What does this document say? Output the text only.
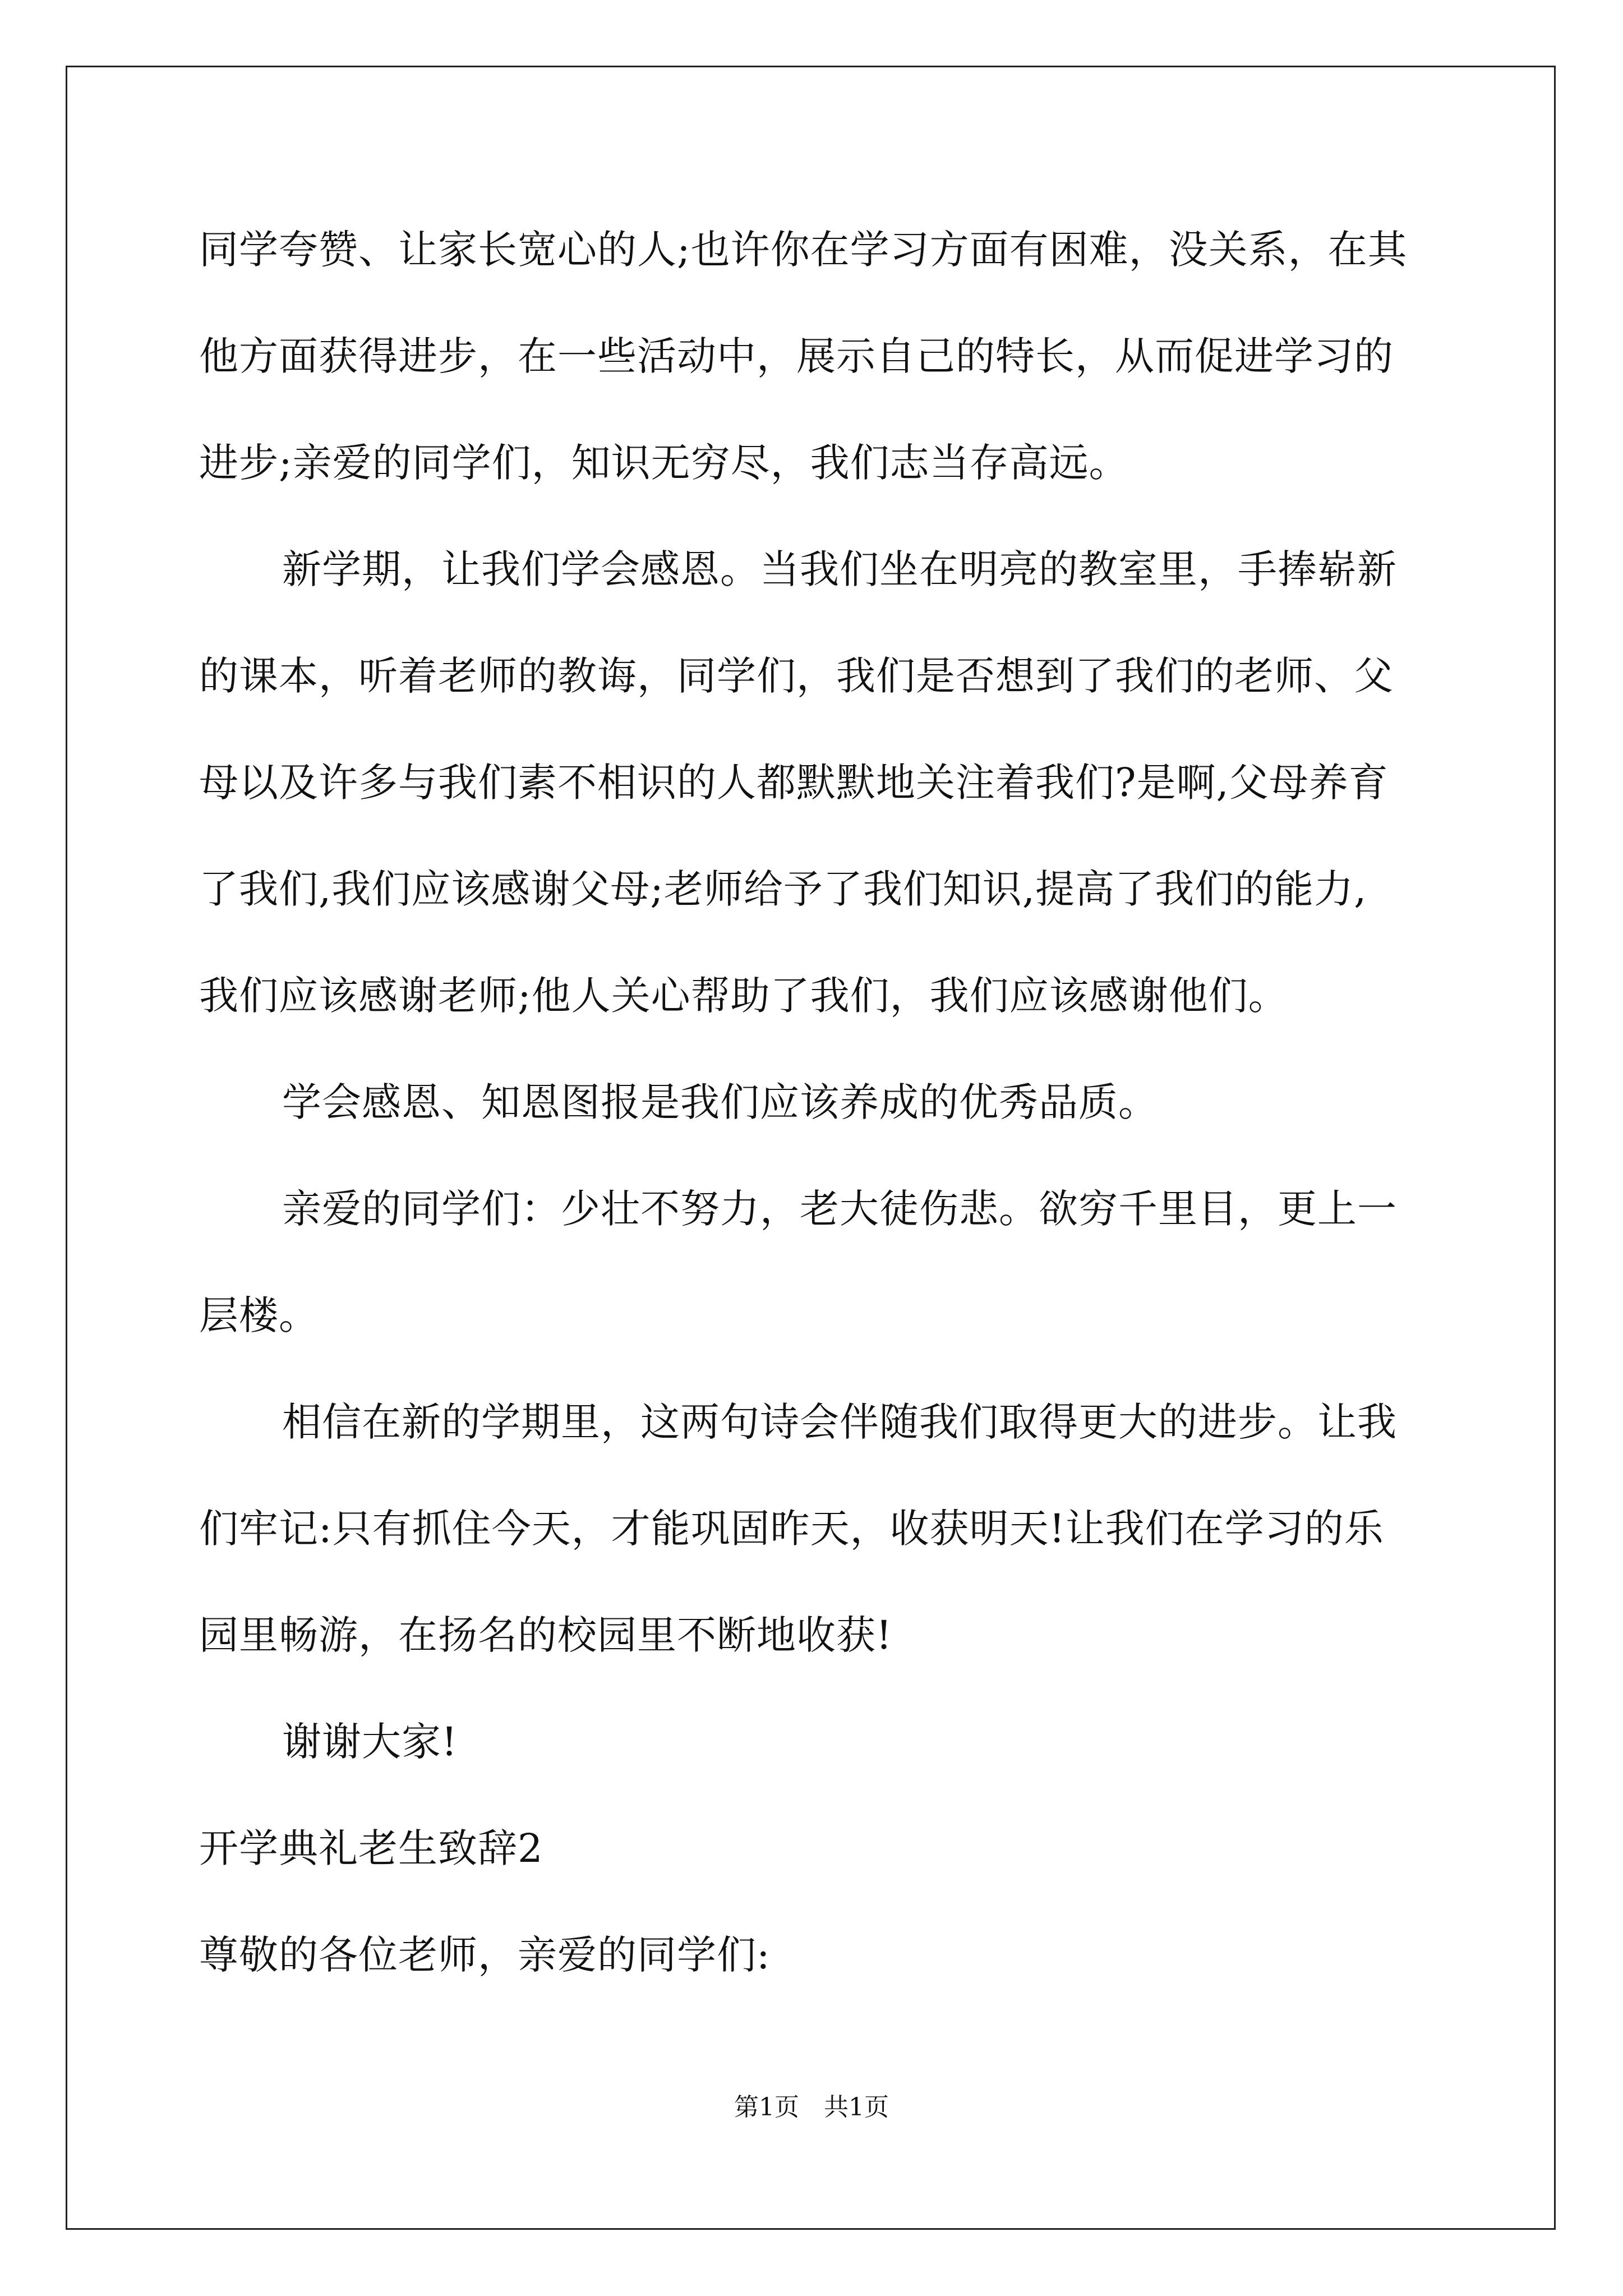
同学夸赞、让家长宽心的人;也许你在学习方面有困难，没关系，在其
他方面获得进步，在一些活动中，展示自己的特长，从而促进学习的
进步;亲爱的同学们，知识无穷尽，我们志当存高远。
新学期，让我们学会感恩。当我们坐在明亮的教室里，手捧崭新
的课本，听着老师的教诲，同学们，我们是否想到了我们的老师、父
母以及许多与我们素不相识的人都默默地关注着我们?是啊,父母养育
了我们,我们应该感谢父母;老师给予了我们知识,提高了我们的能力,
我们应该感谢老师;他人关心帮助了我们，我们应该感谢他们。
学会感恩、知恩图报是我们应该养成的优秀品质。
亲爱的同学们：少壮不努力，老大徒伤悲。欲穷千里目，更上一
层楼。
相信在新的学期里，这两句诗会伴随我们取得更大的进步。让我
们牢记:只有抓住今天，才能巩固昨天，收获明天!让我们在学习的乐
园里畅游，在扬名的校园里不断地收获!
谢谢大家!
开学典礼老生致辞2
尊敬的各位老师，亲爱的同学们:
第1页　共1页
